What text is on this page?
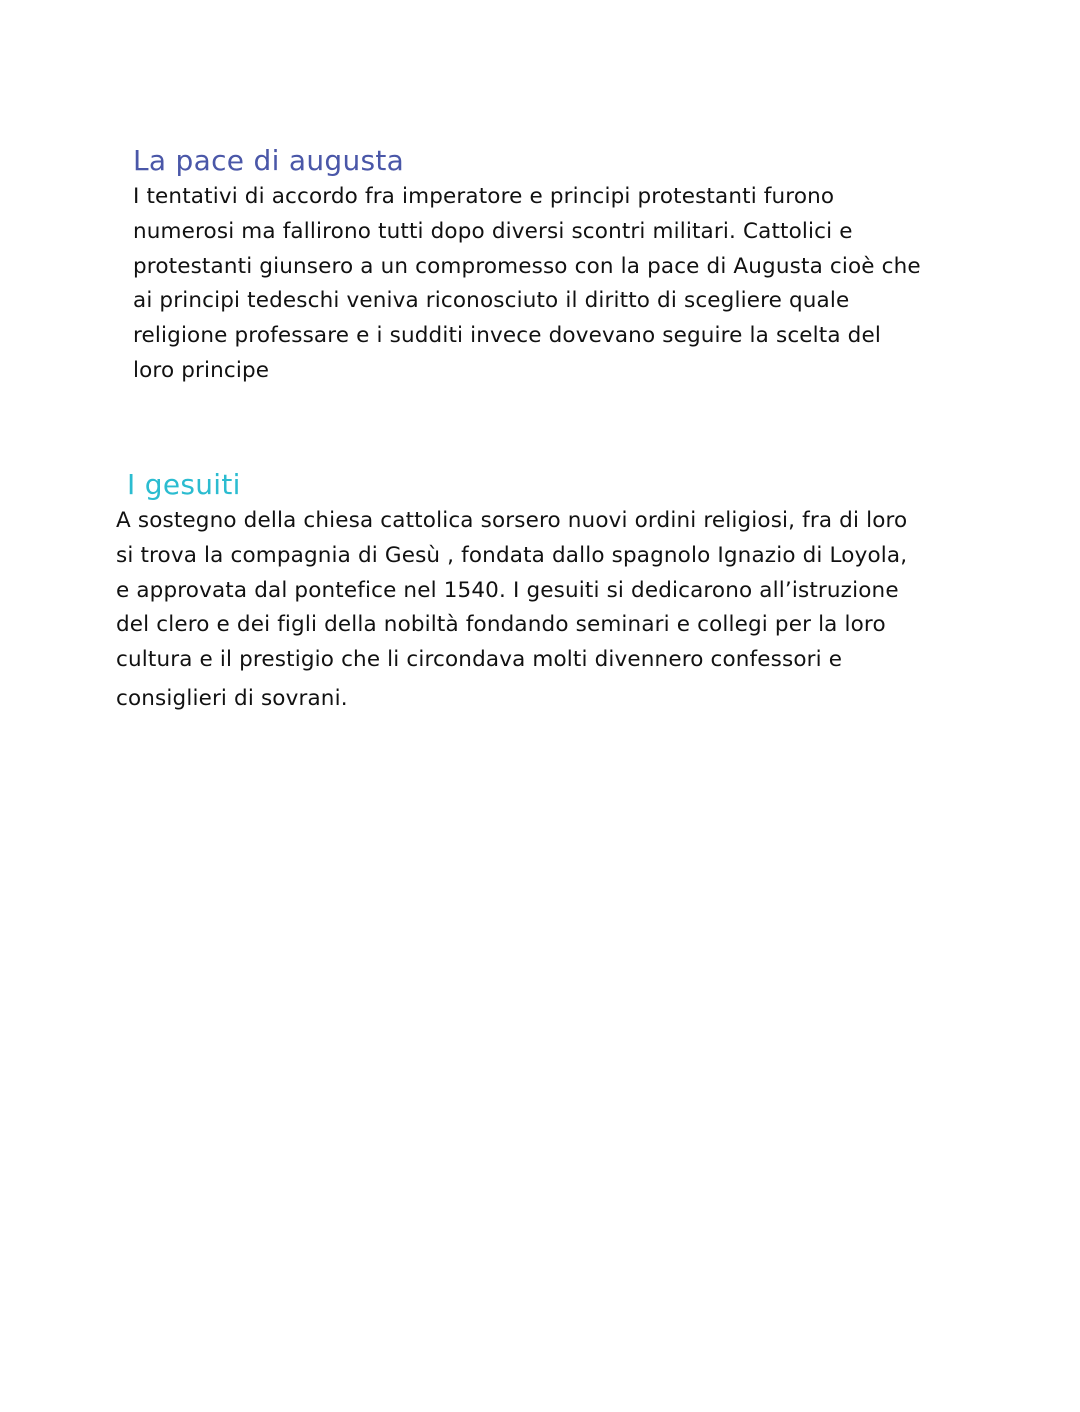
La pace di augusta
I tentativi di accordo fra imperatore e principi protestanti furono
numerosi ma fallirono tutti dopo diversi scontri militari. Cattolici e
protestanti giunsero a un compromesso con la pace di Augusta cioè che
ai principi tedeschi veniva riconosciuto il diritto di scegliere quale
religione professare e i sudditi invece dovevano seguire la scelta del
loro principe
I gesuiti
A sostegno della chiesa cattolica sorsero nuovi ordini religiosi, fra di loro
si trova la compagnia di Gesù , fondata dallo spagnolo Ignazio di Loyola,
e approvata dal pontefice nel 1540. I gesuiti si dedicarono all’istruzione
del clero e dei figli della nobiltà fondando seminari e collegi per la loro
cultura e il prestigio che li circondava molti divennero confessori e
consiglieri di sovrani.
